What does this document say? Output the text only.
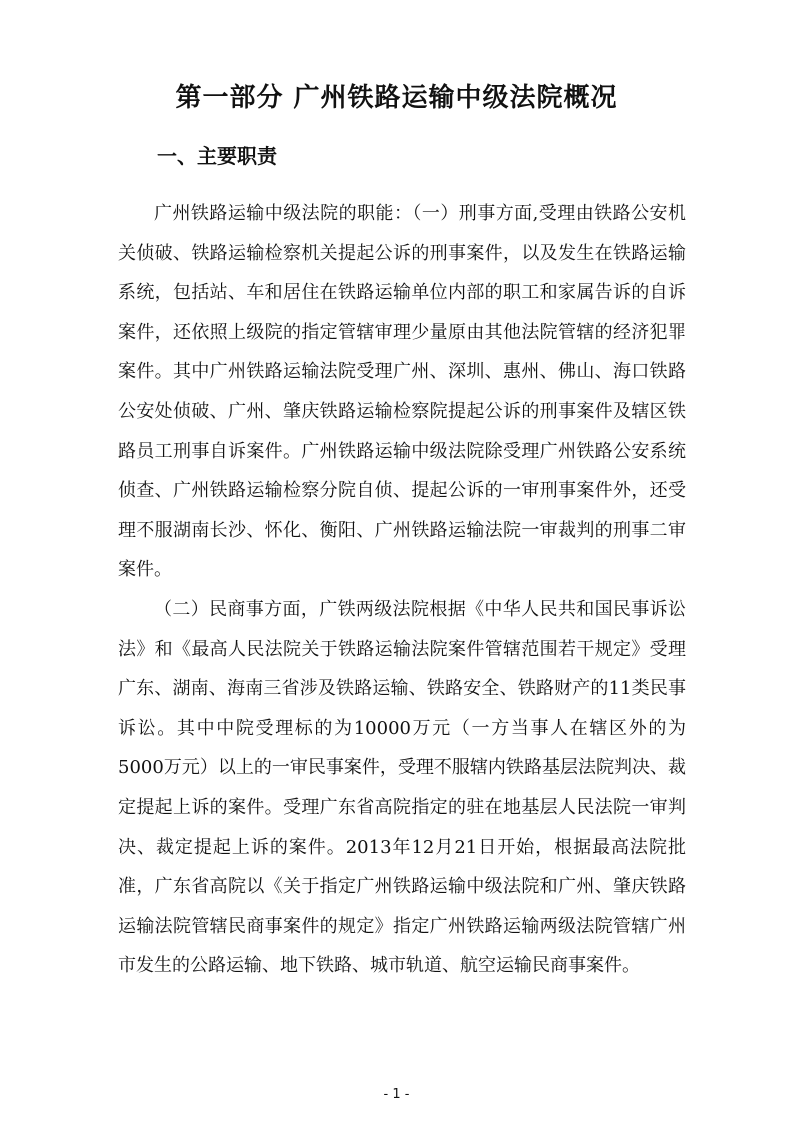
第一部分 广州铁路运输中级法院概况
一、主要职责

广州铁路运输中级法院的职能：（一）刑事方面,受理由铁路公安机关侦破、铁路运输检察机关提起公诉的刑事案件，以及发生在铁路运输系统，包括站、车和居住在铁路运输单位内部的职工和家属告诉的自诉案件，还依照上级院的指定管辖审理少量原由其他法院管辖的经济犯罪案件。其中广州铁路运输法院受理广州、深圳、惠州、佛山、海口铁路公安处侦破、广州、肇庆铁路运输检察院提起公诉的刑事案件及辖区铁路员工刑事自诉案件。广州铁路运输中级法院除受理广州铁路公安系统侦查、广州铁路运输检察分院自侦、提起公诉的一审刑事案件外，还受理不服湖南长沙、怀化、衡阳、广州铁路运输法院一审裁判的刑事二审案件。

（二）民商事方面，广铁两级法院根据《中华人民共和国民事诉讼法》和《最高人民法院关于铁路运输法院案件管辖范围若干规定》受理广东、湖南、海南三省涉及铁路运输、铁路安全、铁路财产的11类民事诉讼。其中中院受理标的为10000万元（一方当事人在辖区外的为5000万元）以上的一审民事案件，受理不服辖内铁路基层法院判决、裁定提起上诉的案件。受理广东省高院指定的驻在地基层人民法院一审判决、裁定提起上诉的案件。2013年12月21日开始，根据最高法院批准，广东省高院以《关于指定广州铁路运输中级法院和广州、肇庆铁路运输法院管辖民商事案件的规定》指定广州铁路运输两级法院管辖广州市发生的公路运输、地下铁路、城市轨道、航空运输民商事案件。

- 1 -
